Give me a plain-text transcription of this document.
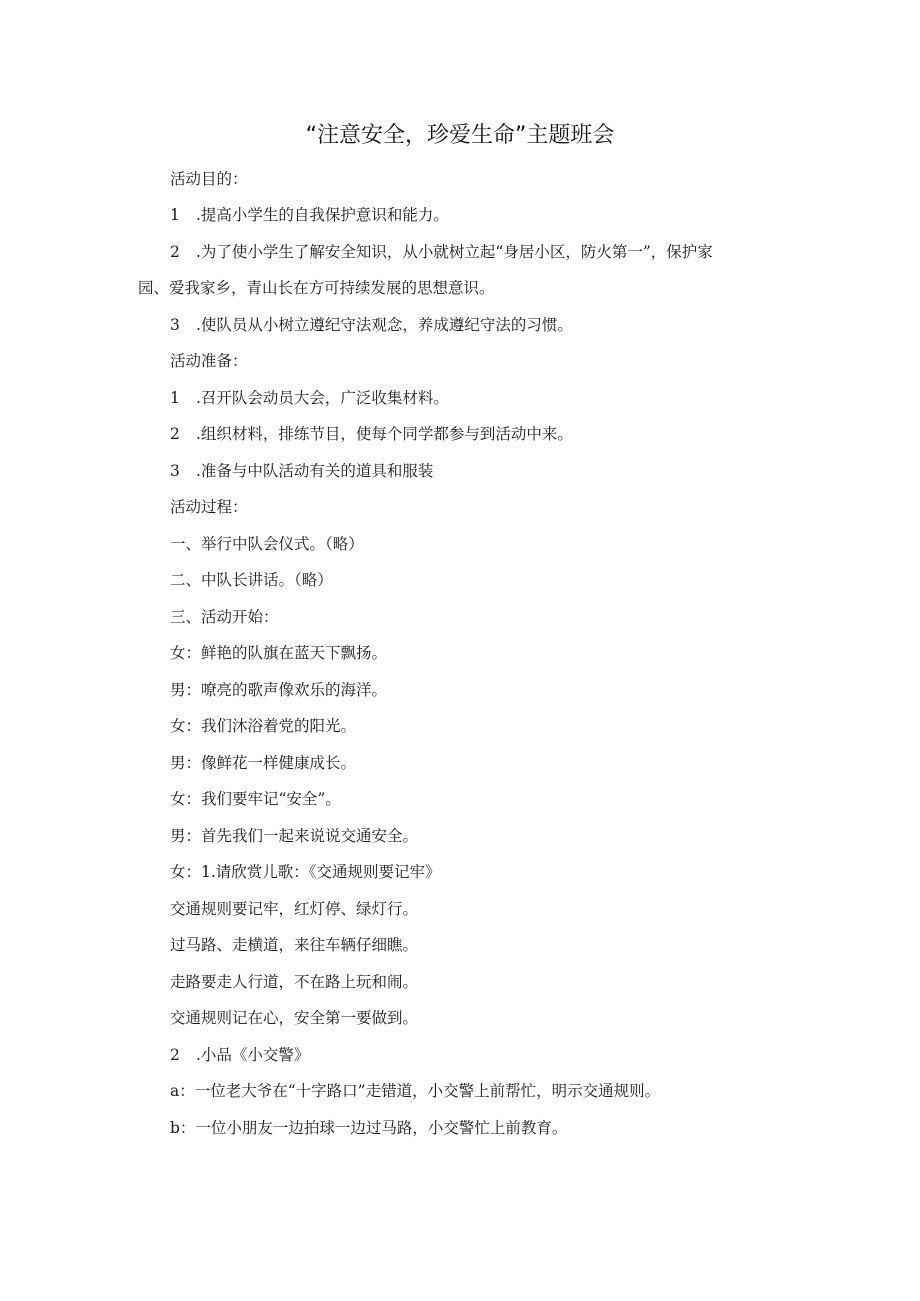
“注意安全，珍爱生命”主题班会
活动目的：
1 .提高小学生的自我保护意识和能力。
2 .为了使小学生了解安全知识，从小就树立起“身居小区，防火第一”，保护家
园、爱我家乡，青山长在方可持续发展的思想意识。
3 .使队员从小树立遵纪守法观念，养成遵纪守法的习惯。
活动准备：
1 .召开队会动员大会，广泛收集材料。
2 .组织材料，排练节目，使每个同学都参与到活动中来。
3 .准备与中队活动有关的道具和服装
活动过程：
一、举行中队会仪式。（略）
二、中队长讲话。（略）
三、活动开始：
女：鲜艳的队旗在蓝天下飘扬。
男：嘹亮的歌声像欢乐的海洋。
女：我们沐浴着党的阳光。
男：像鲜花一样健康成长。
女：我们要牢记“安全”。
男：首先我们一起来说说交通安全。
女：1.请欣赏儿歌：《交通规则要记牢》
交通规则要记牢，红灯停、绿灯行。
过马路、走横道，来往车辆仔细瞧。
走路要走人行道，不在路上玩和闹。
交通规则记在心，安全第一要做到。
2 .小品《小交警》
a：一位老大爷在“十字路口”走错道，小交警上前帮忙，明示交通规则。
b：一位小朋友一边拍球一边过马路，小交警忙上前教育。
